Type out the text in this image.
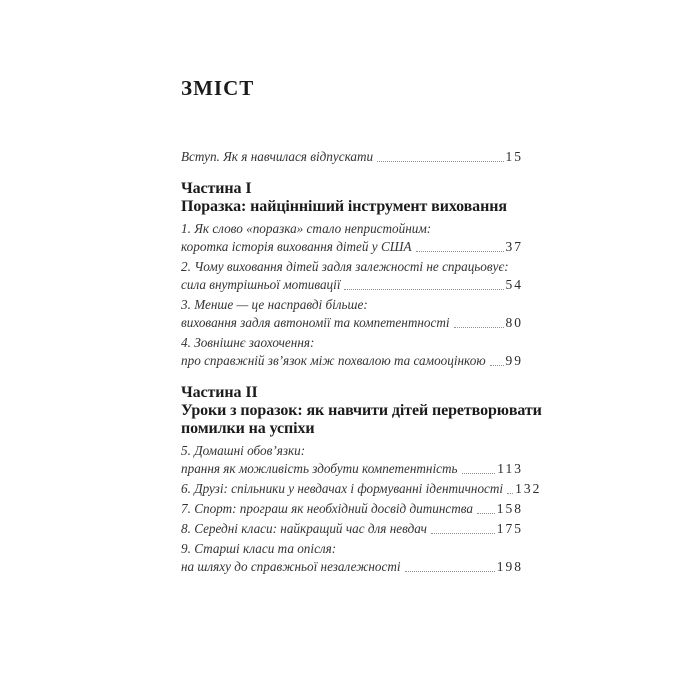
ЗМІСТ
Вступ. Як я навчилася відпускати	15
Частина I
Поразка: найцінніший інструмент виховання
1. Як слово «поразка» стало непристойним:
коротка історія виховання дітей у США	37
2. Чому виховання дітей задля залежності не спрацьовує:
сила внутрішньої мотивації	54
3. Менше — це насправді більше:
виховання задля автономії та компетентності	80
4. Зовнішнє заохочення:
про справжній зв’язок між похвалою та самооцінкою 99
Частина II
Уроки з поразок: як навчити дітей перетворювати
помилки на успіхи
5. Домашні обов’язки:
прання як можливість здобути компетентність	113
6. Друзі: спільники у невдачах і формуванні ідентичності 132
7. Спорт: програш як необхідний досвід дитинства 158
8. Середні класи: найкращий час для невдач	175
9. Старші класи та опісля:
на шляху до справжньої незалежності	198
